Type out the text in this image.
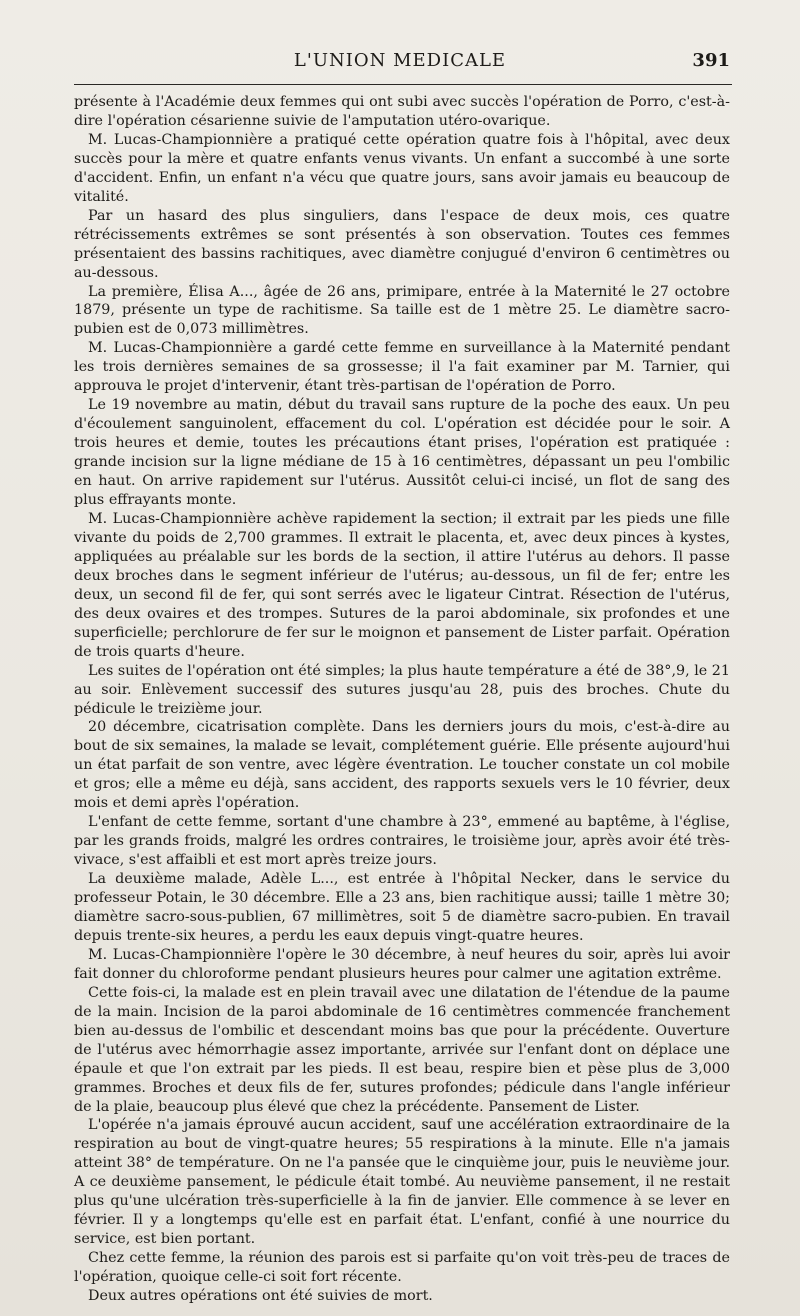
L'UNION MEDICALE	391

présente à l'Académie deux femmes qui ont subi avec succès l'opération de Porro, c'est-à-dire l'opération césarienne suivie de l'amputation utéro-ovarique.

M. Lucas-Championnière a pratiqué cette opération quatre fois à l'hôpital, avec deux succès pour la mère et quatre enfants venus vivants. Un enfant a succombé à une sorte d'accident. Enfin, un enfant n'a vécu que quatre jours, sans avoir jamais eu beaucoup de vitalité.

Par un hasard des plus singuliers, dans l'espace de deux mois, ces quatre rétrécissements extrêmes se sont présentés à son observation. Toutes ces femmes présentaient des bassins rachitiques, avec diamètre conjugué d'environ 6 centimètres ou au-dessous.

La première, Élisa A..., âgée de 26 ans, primipare, entrée à la Maternité le 27 octobre 1879, présente un type de rachitisme. Sa taille est de 1 mètre 25. Le diamètre sacro-pubien est de 0,073 millimètres.

M. Lucas-Championnière a gardé cette femme en surveillance à la Maternité pendant les trois dernières semaines de sa grossesse; il l'a fait examiner par M. Tarnier, qui approuva le projet d'intervenir, étant très-partisan de l'opération de Porro.

Le 19 novembre au matin, début du travail sans rupture de la poche des eaux. Un peu d'écoulement sanguinolent, effacement du col. L'opération est décidée pour le soir. A trois heures et demie, toutes les précautions étant prises, l'opération est pratiquée : grande incision sur la ligne médiane de 15 à 16 centimètres, dépassant un peu l'ombilic en haut. On arrive rapidement sur l'utérus. Aussitôt celui-ci incisé, un flot de sang des plus effrayants monte.

M. Lucas-Championnière achève rapidement la section; il extrait par les pieds une fille vivante du poids de 2,700 grammes. Il extrait le placenta, et, avec deux pinces à kystes, appliquées au préalable sur les bords de la section, il attire l'utérus au dehors. Il passe deux broches dans le segment inférieur de l'utérus; au-dessous, un fil de fer; entre les deux, un second fil de fer, qui sont serrés avec le ligateur Cintrat. Résection de l'utérus, des deux ovaires et des trompes. Sutures de la paroi abdominale, six profondes et une superficielle; perchlorure de fer sur le moignon et pansement de Lister parfait. Opération de trois quarts d'heure.

Les suites de l'opération ont été simples; la plus haute température a été de 38°,9, le 21 au soir. Enlèvement successif des sutures jusqu'au 28, puis des broches. Chute du pédicule le treizième jour.

20 décembre, cicatrisation complète. Dans les derniers jours du mois, c'est-à-dire au bout de six semaines, la malade se levait, complétement guérie. Elle présente aujourd'hui un état parfait de son ventre, avec légère éventration. Le toucher constate un col mobile et gros; elle a même eu déjà, sans accident, des rapports sexuels vers le 10 février, deux mois et demi après l'opération.

L'enfant de cette femme, sortant d'une chambre à 23°, emmené au baptême, à l'église, par les grands froids, malgré les ordres contraires, le troisième jour, après avoir été très-vivace, s'est affaibli et est mort après treize jours.

La deuxième malade, Adèle L..., est entrée à l'hôpital Necker, dans le service du professeur Potain, le 30 décembre. Elle a 23 ans, bien rachitique aussi; taille 1 mètre 30; diamètre sacro-sous-publien, 67 millimètres, soit 5 de diamètre sacro-pubien. En travail depuis trente-six heures, a perdu les eaux depuis vingt-quatre heures.

M. Lucas-Championnière l'opère le 30 décembre, à neuf heures du soir, après lui avoir fait donner du chloroforme pendant plusieurs heures pour calmer une agitation extrême.

Cette fois-ci, la malade est en plein travail avec une dilatation de l'étendue de la paume de la main. Incision de la paroi abdominale de 16 centimètres commencée franchement bien au-dessus de l'ombilic et descendant moins bas que pour la précédente. Ouverture de l'utérus avec hémorrhagie assez importante, arrivée sur l'enfant dont on déplace une épaule et que l'on extrait par les pieds. Il est beau, respire bien et pèse plus de 3,000 grammes. Broches et deux fils de fer, sutures profondes; pédicule dans l'angle inférieur de la plaie, beaucoup plus élevé que chez la précédente. Pansement de Lister.

L'opérée n'a jamais éprouvé aucun accident, sauf une accélération extraordinaire de la respiration au bout de vingt-quatre heures; 55 respirations à la minute. Elle n'a jamais atteint 38° de température. On ne l'a pansée que le cinquième jour, puis le neuvième jour. A ce deuxième pansement, le pédicule était tombé. Au neuvième pansement, il ne restait plus qu'une ulcération très-superficielle à la fin de janvier. Elle commence à se lever en février. Il y a longtemps qu'elle est en parfait état. L'enfant, confié à une nourrice du service, est bien portant.

Chez cette femme, la réunion des parois est si parfaite qu'on voit très-peu de traces de l'opération, quoique celle-ci soit fort récente.

Deux autres opérations ont été suivies de mort.
